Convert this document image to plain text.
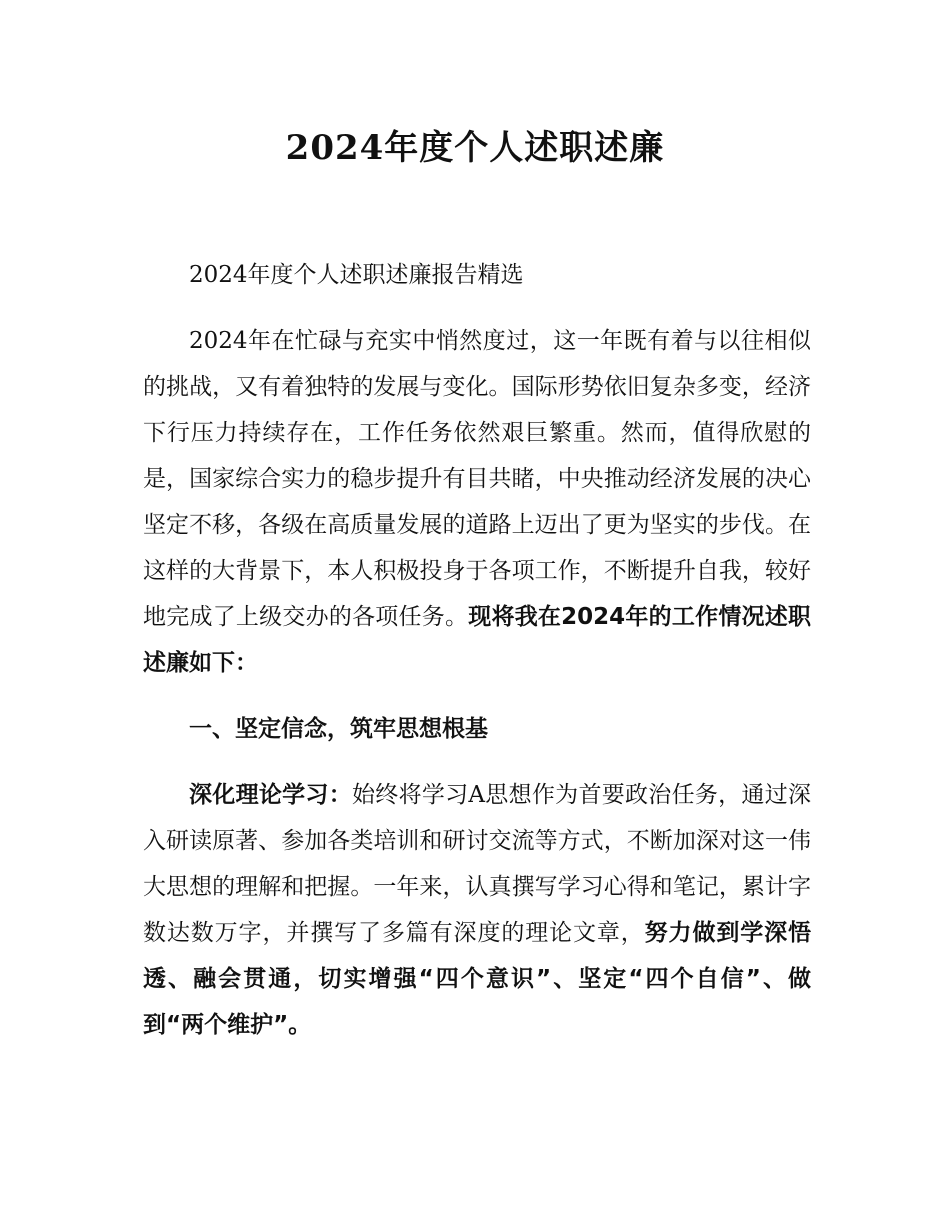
2024年度个人述职述廉

2024年度个人述职述廉报告精选

2024年在忙碌与充实中悄然度过，这一年既有着与以往相似的挑战，又有着独特的发展与变化。国际形势依旧复杂多变，经济下行压力持续存在，工作任务依然艰巨繁重。然而，值得欣慰的是，国家综合实力的稳步提升有目共睹，中央推动经济发展的决心坚定不移，各级在高质量发展的道路上迈出了更为坚实的步伐。在这样的大背景下，本人积极投身于各项工作，不断提升自我，较好地完成了上级交办的各项任务。现将我在2024年的工作情况述职述廉如下：

一、坚定信念，筑牢思想根基

深化理论学习：始终将学习A思想作为首要政治任务，通过深入研读原著、参加各类培训和研讨交流等方式，不断加深对这一伟大思想的理解和把握。一年来，认真撰写学习心得和笔记，累计字数达数万字，并撰写了多篇有深度的理论文章，努力做到学深悟透、融会贯通，切实增强“四个意识”、坚定“四个自信”、做到“两个维护”。
